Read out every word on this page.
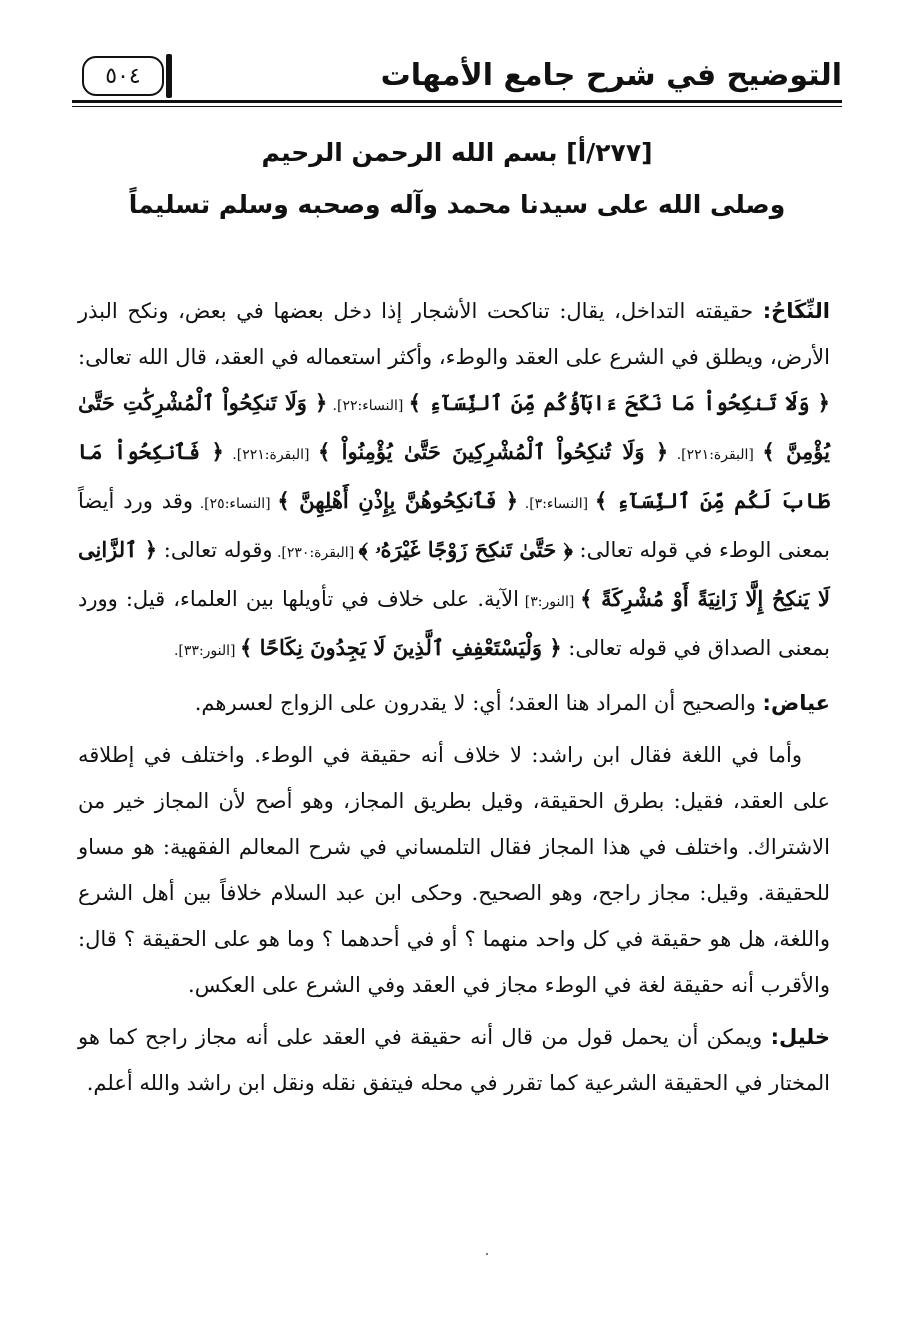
التوضيح في شرح جامع الأمهات
٥٠٤
[٢٧٧/أ] بسم الله الرحمن الرحيم
وصلى الله على سيدنا محمد وآله وصحبه وسلم تسليماً

النِّكَاحُ: حقيقته التداخل، يقال: تناكحت الأشجار إذا دخل بعضها في بعض، ونكح البذر الأرض، ويطلق في الشرع على العقد والوطء، وأكثر استعماله في العقد، قال الله تعالى: ﴿ وَلَا تَنكِحُواْ مَا نَكَحَ ءَابَآؤُكُم مِّنَ ٱلنِّسَآءِ ﴾ [النساء:٢٢]. ﴿ وَلَا تَنكِحُواْ ٱلْمُشْرِكَٰتِ حَتَّىٰ يُؤْمِنَّ ﴾ [البقرة:٢٢١]. ﴿ وَلَا تُنكِحُواْ ٱلْمُشْرِكِينَ حَتَّىٰ يُؤْمِنُواْ ﴾ [البقرة:٢٢١]. ﴿ فَٱنكِحُواْ مَا طَابَ لَكُم مِّنَ ٱلنِّسَآءِ ﴾ [النساء:٣]. ﴿ فَٱنكِحُوهُنَّ بِإِذْنِ أَهْلِهِنَّ ﴾ [النساء:٢٥]. وقد ورد أيضاً بمعنى الوطء في قوله تعالى: ﴿ حَتَّىٰ تَنكِحَ زَوْجًا غَيْرَهُۥ ﴾ [البقرة:٢٣٠]. وقوله تعالى: ﴿ ٱلزَّانِى لَا يَنكِحُ إِلَّا زَانِيَةً أَوْ مُشْرِكَةً ﴾ [النور:٣] الآية. على خلاف في تأويلها بين العلماء، قيل: وورد بمعنى الصداق في قوله تعالى: ﴿ وَلْيَسْتَعْفِفِ ٱلَّذِينَ لَا يَجِدُونَ نِكَاحًا ﴾ [النور:٣٣].

عياض: والصحيح أن المراد هنا العقد؛ أي: لا يقدرون على الزواج لعسرهم.

وأما في اللغة فقال ابن راشد: لا خلاف أنه حقيقة في الوطء. واختلف في إطلاقه على العقد، فقيل: بطرق الحقيقة، وقيل بطريق المجاز، وهو أصح لأن المجاز خير من الاشتراك. واختلف في هذا المجاز فقال التلمساني في شرح المعالم الفقهية: هو مساو للحقيقة. وقيل: مجاز راجح، وهو الصحيح. وحكى ابن عبد السلام خلافاً بين أهل الشرع واللغة، هل هو حقيقة في كل واحد منهما ؟ أو في أحدهما ؟ وما هو على الحقيقة ؟ قال: والأقرب أنه حقيقة لغة في الوطء مجاز في العقد وفي الشرع على العكس.

خليل: ويمكن أن يحمل قول من قال أنه حقيقة في العقد على أنه مجاز راجح كما هو المختار في الحقيقة الشرعية كما تقرر في محله فيتفق نقله ونقل ابن راشد والله أعلم.
